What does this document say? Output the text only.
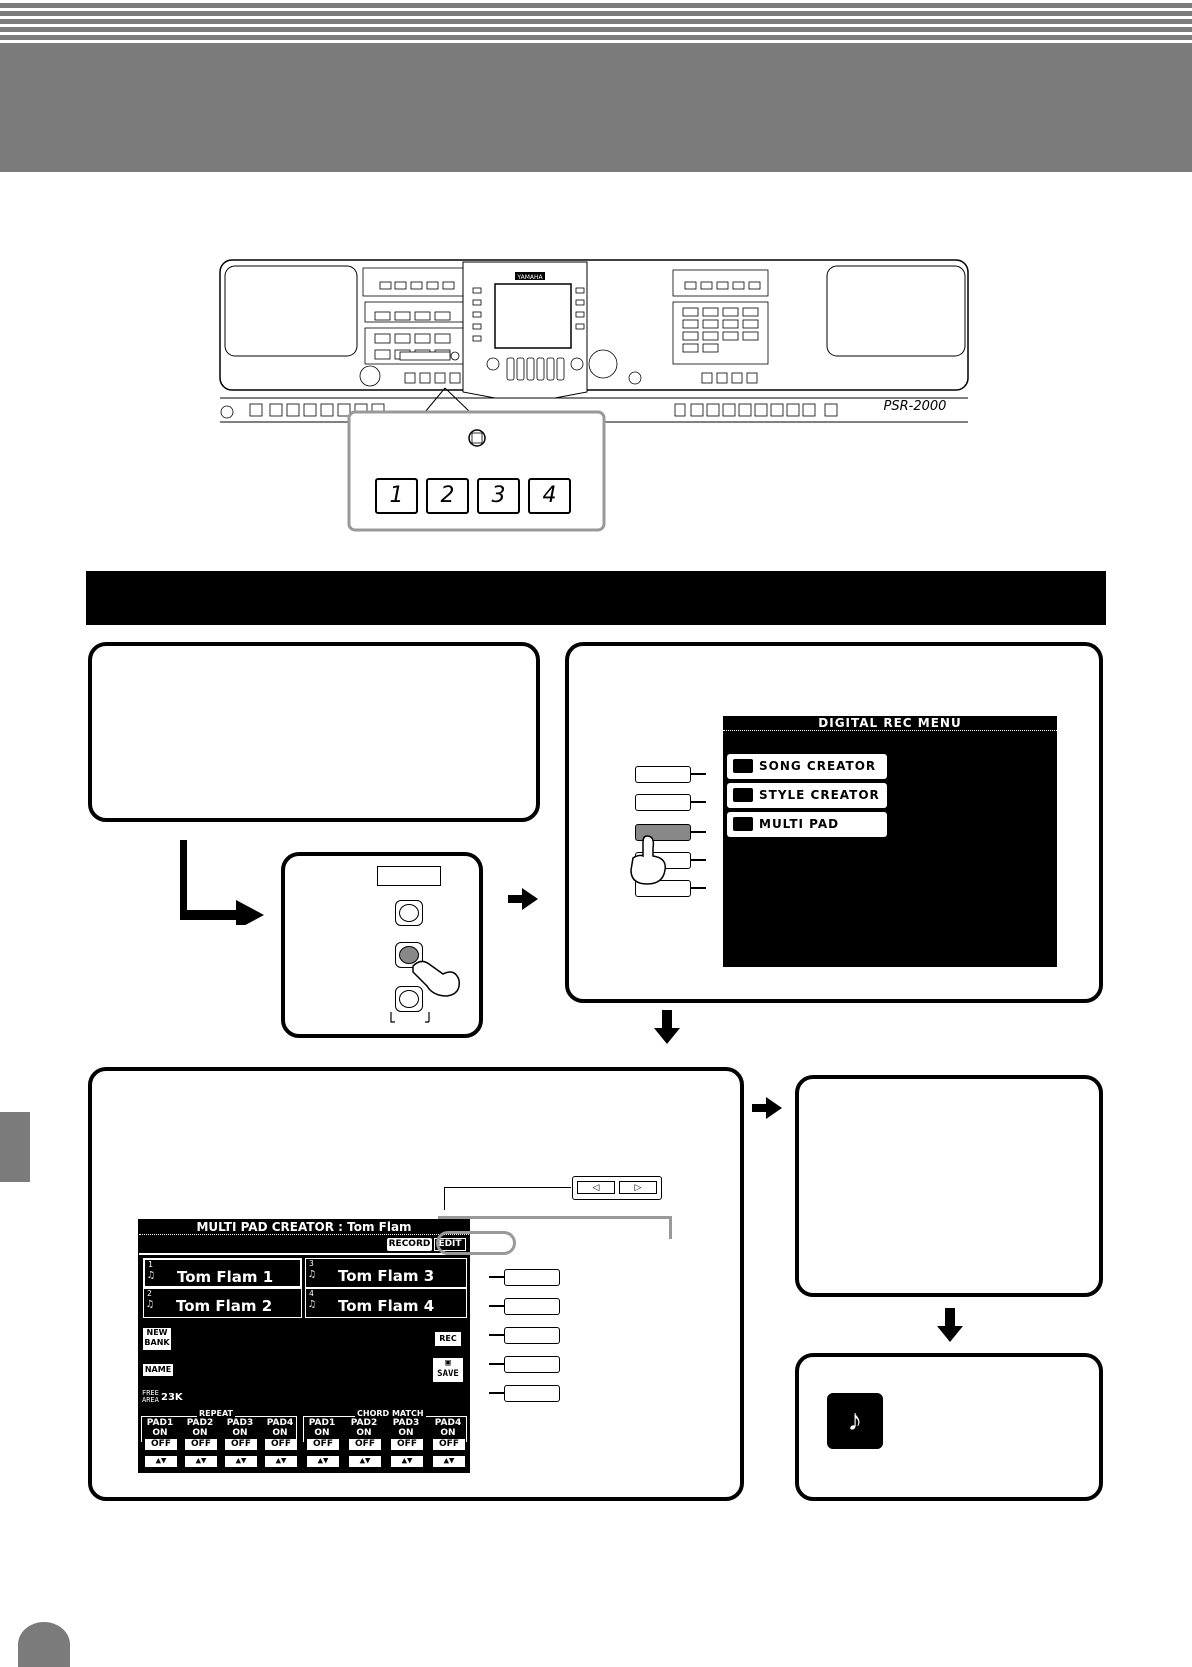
YAMAHA
PSR-2000
1	2	3	4
DIGITAL REC MENU
SONG CREATOR
STYLE CREATOR
MULTI PAD CREATOR
◁	▷
MULTI PAD CREATOR : Tom Flam
RECORD EDIT
1
♫	Tom Flam 1
3
♫ Tom Flam 3
2
♫ Tom Flam 2
4
♫ Tom Flam 4
NEW BANK	REC
NAME
▣
SAVE
FREE AREA 23K
REPEAT	CHORD MATCH
PAD1	PAD2	PAD3	PAD4	PAD1	PAD2	PAD3	PAD4
ON	ON	ON	ON	ON	ON	ON	ON
OFF	OFF	OFF	OFF	OFF	OFF	OFF	OFF
▲▼	▲▼	▲▼	▲▼	▲▼	▲▼	▲▼	▲▼
♪
